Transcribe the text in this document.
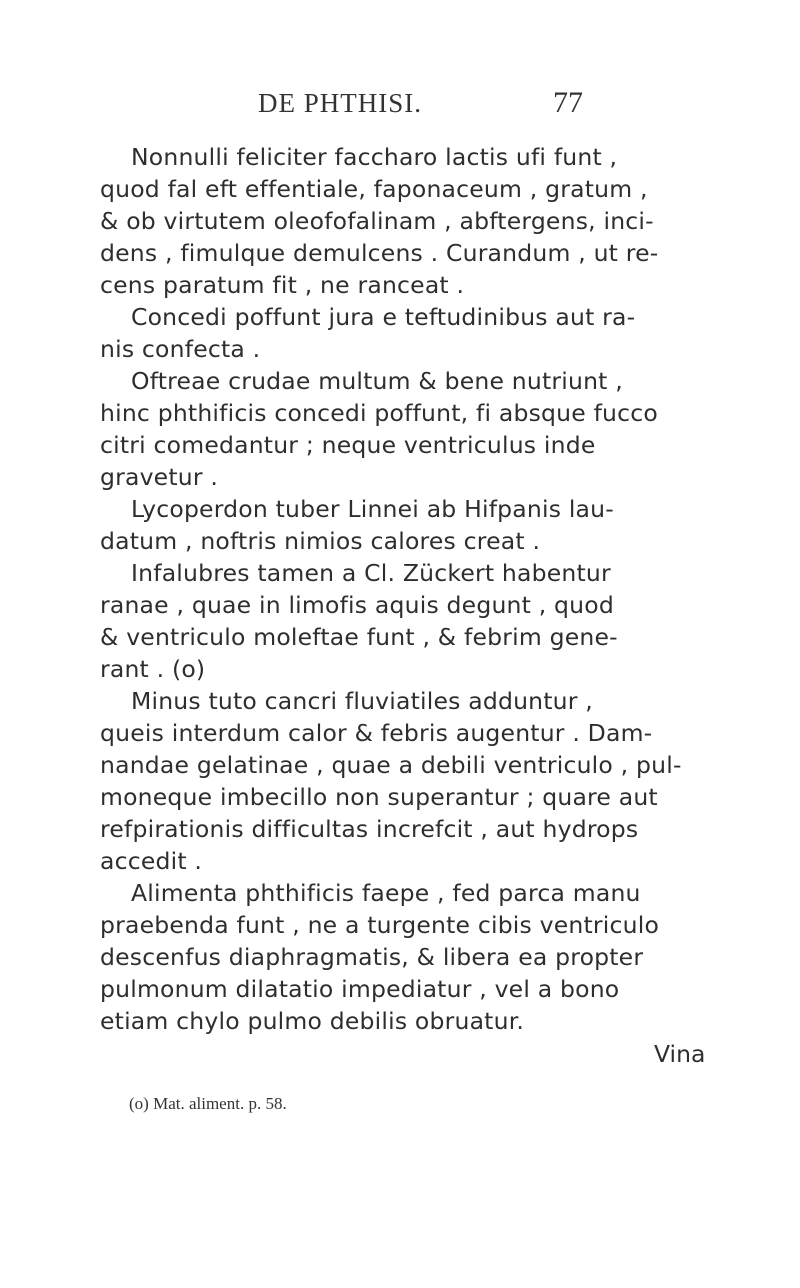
DE PHTHISI.	77
Nonnulli feliciter faccharo lactis ufi funt ,
quod fal eft effentiale, faponaceum , gratum ,
& ob virtutem oleofofalinam , abftergens, inci-
dens , fimulque demulcens . Curandum , ut re-
cens paratum fit , ne ranceat .
Concedi poffunt jura e teftudinibus aut ra-
nis confecta .
Oftreae crudae multum & bene nutriunt ,
hinc phthificis concedi poffunt, fi absque fucco
citri comedantur ; neque ventriculus inde
gravetur .
Lycoperdon tuber Linnei ab Hifpanis lau-
datum , noftris nimios calores creat .
Infalubres tamen a Cl. Zückert habentur
ranae , quae in limofis aquis degunt , quod
& ventriculo moleftae funt , & febrim gene-
rant . (o)
Minus tuto cancri fluviatiles adduntur ,
queis interdum calor & febris augentur . Dam-
nandae gelatinae , quae a debili ventriculo , pul-
moneque imbecillo non superantur ; quare aut
refpirationis difficultas increfcit , aut hydrops
accedit .
Alimenta phthificis faepe , fed parca manu
praebenda funt , ne a turgente cibis ventriculo
descenfus diaphragmatis, & libera ea propter
pulmonum dilatatio impediatur , vel a bono
etiam chylo pulmo debilis obruatur.
Vina
(o) Mat. aliment. p. 58.
